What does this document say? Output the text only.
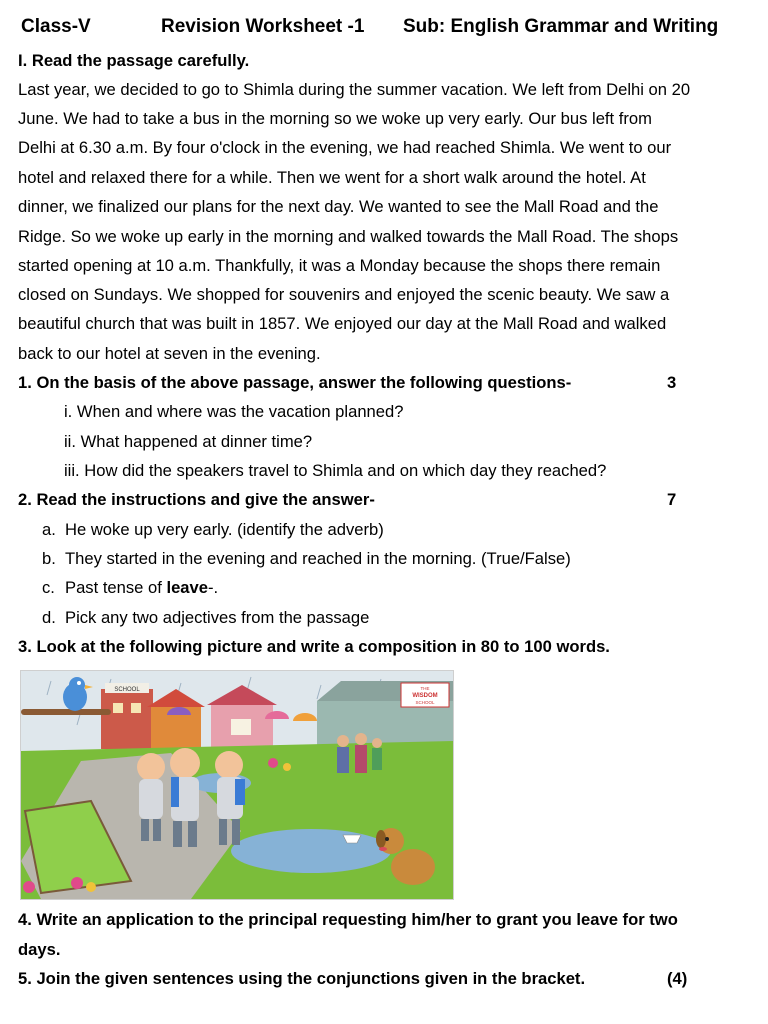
Class-V	Revision Worksheet -1 Sub: English Grammar and Writing
I. Read the passage carefully.
Last year, we decided to go to Shimla during the summer vacation. We left from Delhi on 20
June. We had to take a bus in the morning so we woke up very early. Our bus left from
Delhi at 6.30 a.m. By four o'clock in the evening, we had reached Shimla. We went to our
hotel and relaxed there for a while. Then we went for a short walk around the hotel. At
dinner, we finalized our plans for the next day. We wanted to see the Mall Road and the
Ridge. So we woke up early in the morning and walked towards the Mall Road. The shops
started opening at 10 a.m. Thankfully, it was a Monday because the shops there remain
closed on Sundays. We shopped for souvenirs and enjoyed the scenic beauty. We saw a
beautiful church that was built in 1857. We enjoyed our day at the Mall Road and walked
back to our hotel at seven in the evening.
1. On the basis of the above passage, answer the following questions-	3
i. When and where was the vacation planned?
ii. What happened at dinner time?
iii. How did the speakers travel to Shimla and on which day they reached?
2. Read the instructions and give the answer-	7
a. He woke up very early. (identify the adverb)
b. They started in the evening and reached in the morning. (True/False)
c. Past tense of leave-.
d. Pick any two adjectives from the passage
3. Look at the following picture and write a composition in 80 to 100 words.
SCHOOL	THE
WISDOM
SCHOOL
4. Write an application to the principal requesting him/her to grant you leave for two
days.
5. Join the given sentences using the conjunctions given in the bracket.	(4)
